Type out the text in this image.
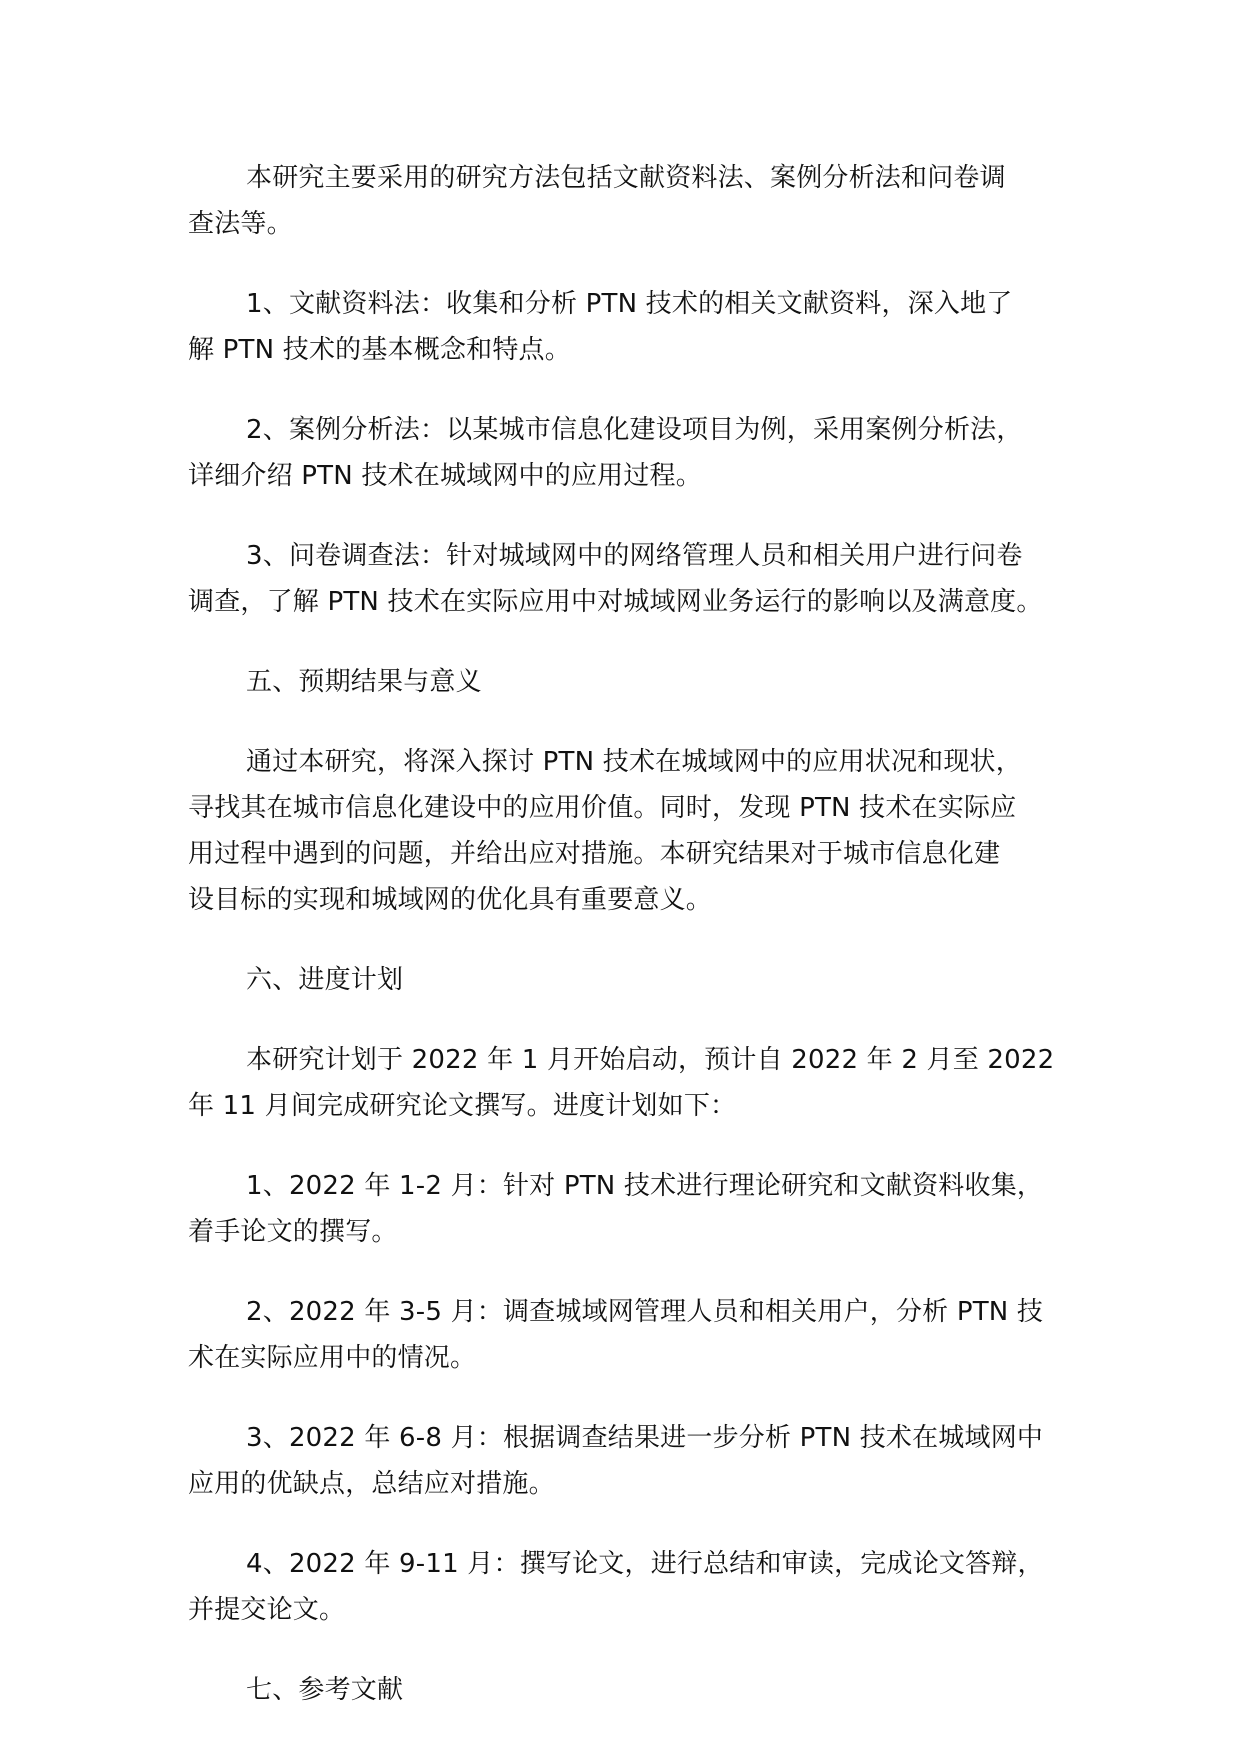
本研究主要采用的研究方法包括文献资料法、案例分析法和问卷调
查法等。

1、文献资料法：收集和分析 PTN 技术的相关文献资料，深入地了
解 PTN 技术的基本概念和特点。

2、案例分析法：以某城市信息化建设项目为例，采用案例分析法，
详细介绍 PTN 技术在城域网中的应用过程。

3、问卷调查法：针对城域网中的网络管理人员和相关用户进行问卷
调查，了解 PTN 技术在实际应用中对城域网业务运行的影响以及满意度。

五、预期结果与意义

通过本研究，将深入探讨 PTN 技术在城域网中的应用状况和现状，
寻找其在城市信息化建设中的应用价值。同时，发现 PTN 技术在实际应
用过程中遇到的问题，并给出应对措施。本研究结果对于城市信息化建
设目标的实现和城域网的优化具有重要意义。

六、进度计划

本研究计划于 2022 年 1 月开始启动，预计自 2022 年 2 月至 2022
年 11 月间完成研究论文撰写。进度计划如下：

1、2022 年 1-2 月：针对 PTN 技术进行理论研究和文献资料收集，
着手论文的撰写。

2、2022 年 3-5 月：调查城域网管理人员和相关用户，分析 PTN 技
术在实际应用中的情况。

3、2022 年 6-8 月：根据调查结果进一步分析 PTN 技术在城域网中
应用的优缺点，总结应对措施。

4、2022 年 9-11 月：撰写论文，进行总结和审读，完成论文答辩，
并提交论文。

七、参考文献
